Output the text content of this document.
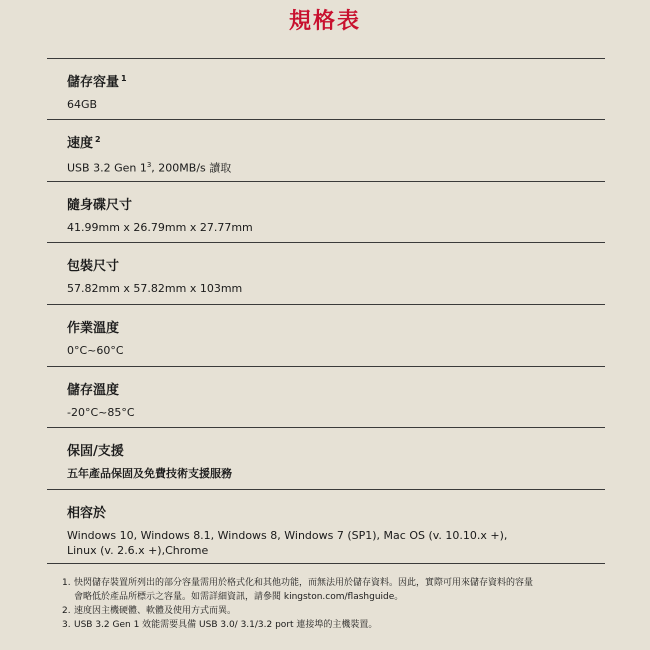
規格表
儲存容量 $^1$
64GB
速度 $^2$
USB 3.2 Gen $1^3$, 200MB/s 讀取
隨身碟尺寸
41.99mm x 26.79mm x 27.77mm
包裝尺寸
57.82mm x 57.82mm x 103mm
作業溫度
0°C~60°C
儲存溫度
-20°C~85°C
保固/支援
五年產品保固及免費技術支援服務
相容於
Windows 10, Windows 8.1, Windows 8, Windows 7 (SP1), Mac OS (v. 10.10.x +),
Linux (v. 2.6.x +),Chrome
1. 快閃儲存裝置所列出的部分容量需用於格式化和其他功能，而無法用於儲存資料。因此，實際可用來儲存資料的容量
會略低於產品所標示之容量。如需詳細資訊，請參閱 kingston.com/flashguide。
2. 速度因主機硬體、軟體及使用方式而異。
3. USB 3.2 Gen 1 效能需要具備 USB 3.0/ 3.1/3.2 port 連接埠的主機裝置。
